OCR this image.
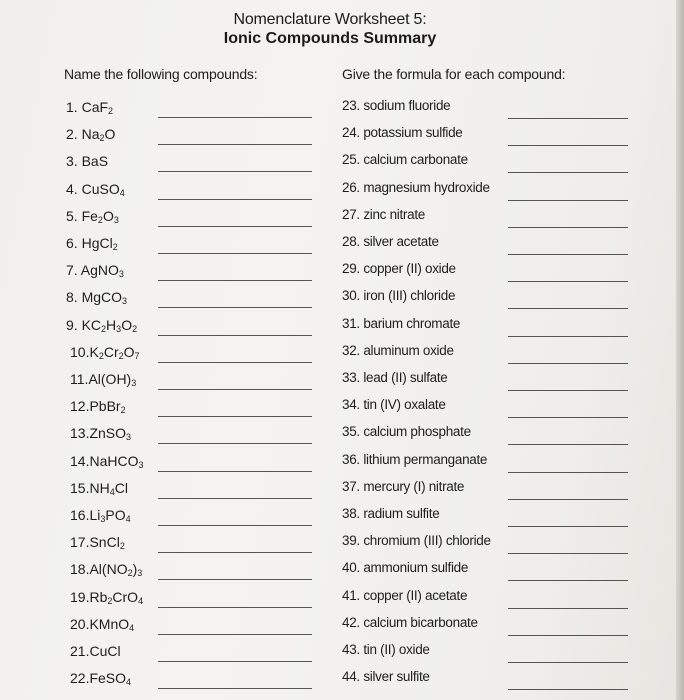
Nomenclature Worksheet 5:
Ionic Compounds Summary
Name the following compounds:	Give the formula for each compound:
1. CaF$_2$
2. $Na_2O$
3. BaS
4. CuSO$_4$
5. $Fe_2O_3$
6. HgCl$_2$
7. AgNO$_3$
8. MgCO$_3$
9. $KC_2H_3O_2$
$10.K_2Cr_2O_7$
$11.Al(OH)_3$
12.PbBr$_2$
13.ZnSO$_3$
14.NaHCO$_3$
$15.NH_4Cl$
$16.Li_3PO_4$
17.SnCl$_2$
$18.Al(NO_2)_3$
$19.Rb_2CrO_4$
20.KMnO$_4$
21.CuCl
22.FeSO$_4$
23. sodium fluoride
24. potassium sulfide
25. calcium carbonate
26. magnesium hydroxide
27. zinc nitrate
28. silver acetate
29. copper (II) oxide
30. iron (III) chloride
31. barium chromate
32. aluminum oxide
33. lead (II) sulfate
34. tin (IV) oxalate
35. calcium phosphate
36. lithium permanganate
37. mercury (I) nitrate
38. radium sulfite
39. chromium (III) chloride
40. ammonium sulfide
41. copper (II) acetate
42. calcium bicarbonate
43. tin (II) oxide
44. silver sulfite
